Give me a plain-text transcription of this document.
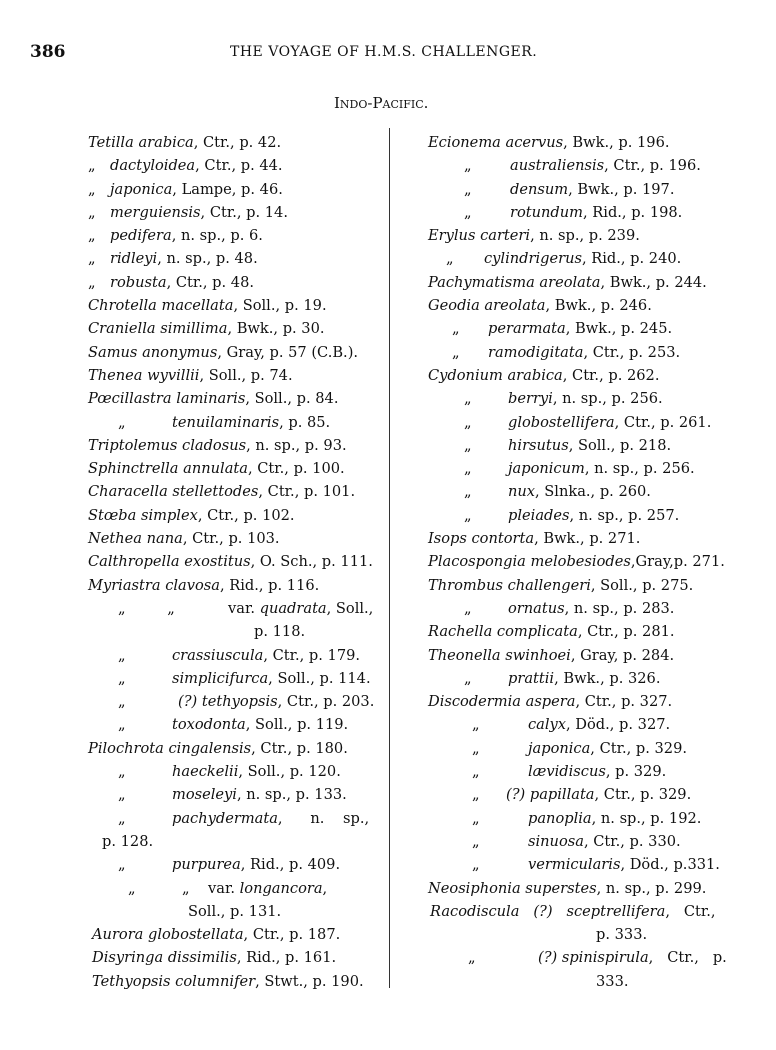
386	THE VOYAGE OF H.M.S. CHALLENGER.
Indo-Pacific.
Tetilla arabica, Ctr., p. 42.
„ dactyloidea, Ctr., p. 44.
„ japonica, Lampe, p. 46.
„ merguiensis, Ctr., p. 14.
„ pedifera, n. sp., p. 6.
„ ridleyi, n. sp., p. 48.
„ robusta, Ctr., p. 48.
Chrotella macellata, Soll., p. 19.
Craniella simillima, Bwk., p. 30.
Samus anonymus, Gray, p. 57 (C.B.).
Thenea wyvillii, Soll., p. 74.
Pœcillastra laminaris, Soll., p. 84.
„	tenuilaminaris, p. 85.
Triptolemus cladosus, n. sp., p. 93.
Sphinctrella annulata, Ctr., p. 100.
Characella stellettodes, Ctr., p. 101.
Stœba simplex, Ctr., p. 102.
Nethea nana, Ctr., p. 103.
Calthropella exostitus, O. Sch., p. 111.
Myriastra clavosa, Rid., p. 116.
„         „	var. quadrata, Soll.,
p. 118.
„	crassiuscula, Ctr., p. 179.
„	simplicifurca, Soll., p. 114.
„	(?) tethyopsis, Ctr., p. 203.
„	toxodonta, Soll., p. 119.
Pilochrota cingalensis, Ctr., p. 180.
„	haeckelii, Soll., p. 120.
„	moseleyi, n. sp., p. 133.
„	pachydermata,      n.    sp.,
p. 128.
„	purpurea, Rid., p. 409.
„          „ var. longancora,
Soll., p. 131.
Aurora globostellata, Ctr., p. 187.
Disyringa dissimilis, Rid., p. 161.
Tethyopsis columnifer, Stwt., p. 190.
Ecionema acervus, Bwk., p. 196.
„	australiensis, Ctr., p. 196.
„	densum, Bwk., p. 197.
„	rotundum, Rid., p. 198.
Erylus carteri, n. sp., p. 239.
„ cylindrigerus, Rid., p. 240.
Pachymatisma areolata, Bwk., p. 244.
Geodia areolata, Bwk., p. 246.
„ perarmata, Bwk., p. 245.
„ ramodigitata, Ctr., p. 253.
Cydonium arabica, Ctr., p. 262.
„ berryi, n. sp., p. 256.
„ globostellifera, Ctr., p. 261.
„ hirsutus, Soll., p. 218.
„ japonicum, n. sp., p. 256.
„ nux, Slnka., p. 260.
„ pleiades, n. sp., p. 257.
Isops contorta, Bwk., p. 271.
Placospongia melobesiodes,Gray,p. 271.
Thrombus challengeri, Soll., p. 275.
„ ornatus, n. sp., p. 283.
Rachella complicata, Ctr., p. 281.
Theonella swinhoei, Gray, p. 284.
„ prattii, Bwk., p. 326.
Discodermia aspera, Ctr., p. 327.
„	calyx, Död., p. 327.
„	japonica, Ctr., p. 329.
„	lævidiscus, p. 329.
„ (?) papillata, Ctr., p. 329.
„	panoplia, n. sp., p. 192.
„	sinuosa, Ctr., p. 330.
„	vermicularis, Död., p.331.
Neosiphonia superstes, n. sp., p. 299.
Racodiscula   (?)   sceptrellifera,   Ctr.,
p. 333.
„	(?) spinispirula,   Ctr.,   p.
333.
